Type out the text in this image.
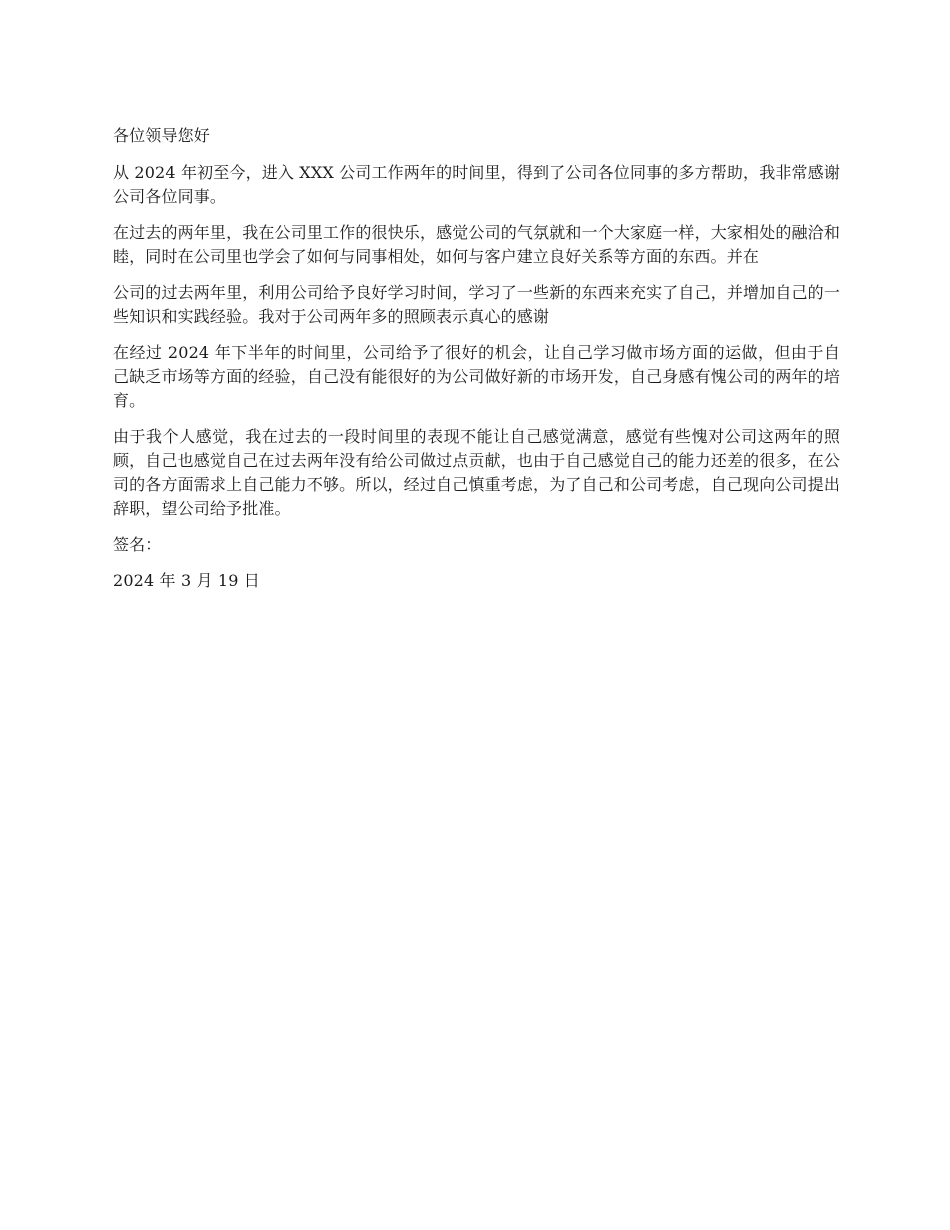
各位领导您好

从 2024 年初至今，进入 XXX 公司工作两年的时间里，得到了公司各位同事的多方帮助，我非常感谢公司各位同事。

在过去的两年里，我在公司里工作的很快乐，感觉公司的气氛就和一个大家庭一样，大家相处的融洽和睦，同时在公司里也学会了如何与同事相处，如何与客户建立良好关系等方面的东西。并在

公司的过去两年里，利用公司给予良好学习时间，学习了一些新的东西来充实了自己，并增加自己的一些知识和实践经验。我对于公司两年多的照顾表示真心的感谢

在经过 2024 年下半年的时间里，公司给予了很好的机会，让自己学习做市场方面的运做，但由于自己缺乏市场等方面的经验，自己没有能很好的为公司做好新的市场开发，自己身感有愧公司的两年的培育。

由于我个人感觉，我在过去的一段时间里的表现不能让自己感觉满意，感觉有些愧对公司这两年的照顾，自己也感觉自己在过去两年没有给公司做过点贡献，也由于自己感觉自己的能力还差的很多，在公司的各方面需求上自己能力不够。所以，经过自己慎重考虑，为了自己和公司考虑，自己现向公司提出辞职，望公司给予批准。

签名：

2024 年 3 月 19 日
